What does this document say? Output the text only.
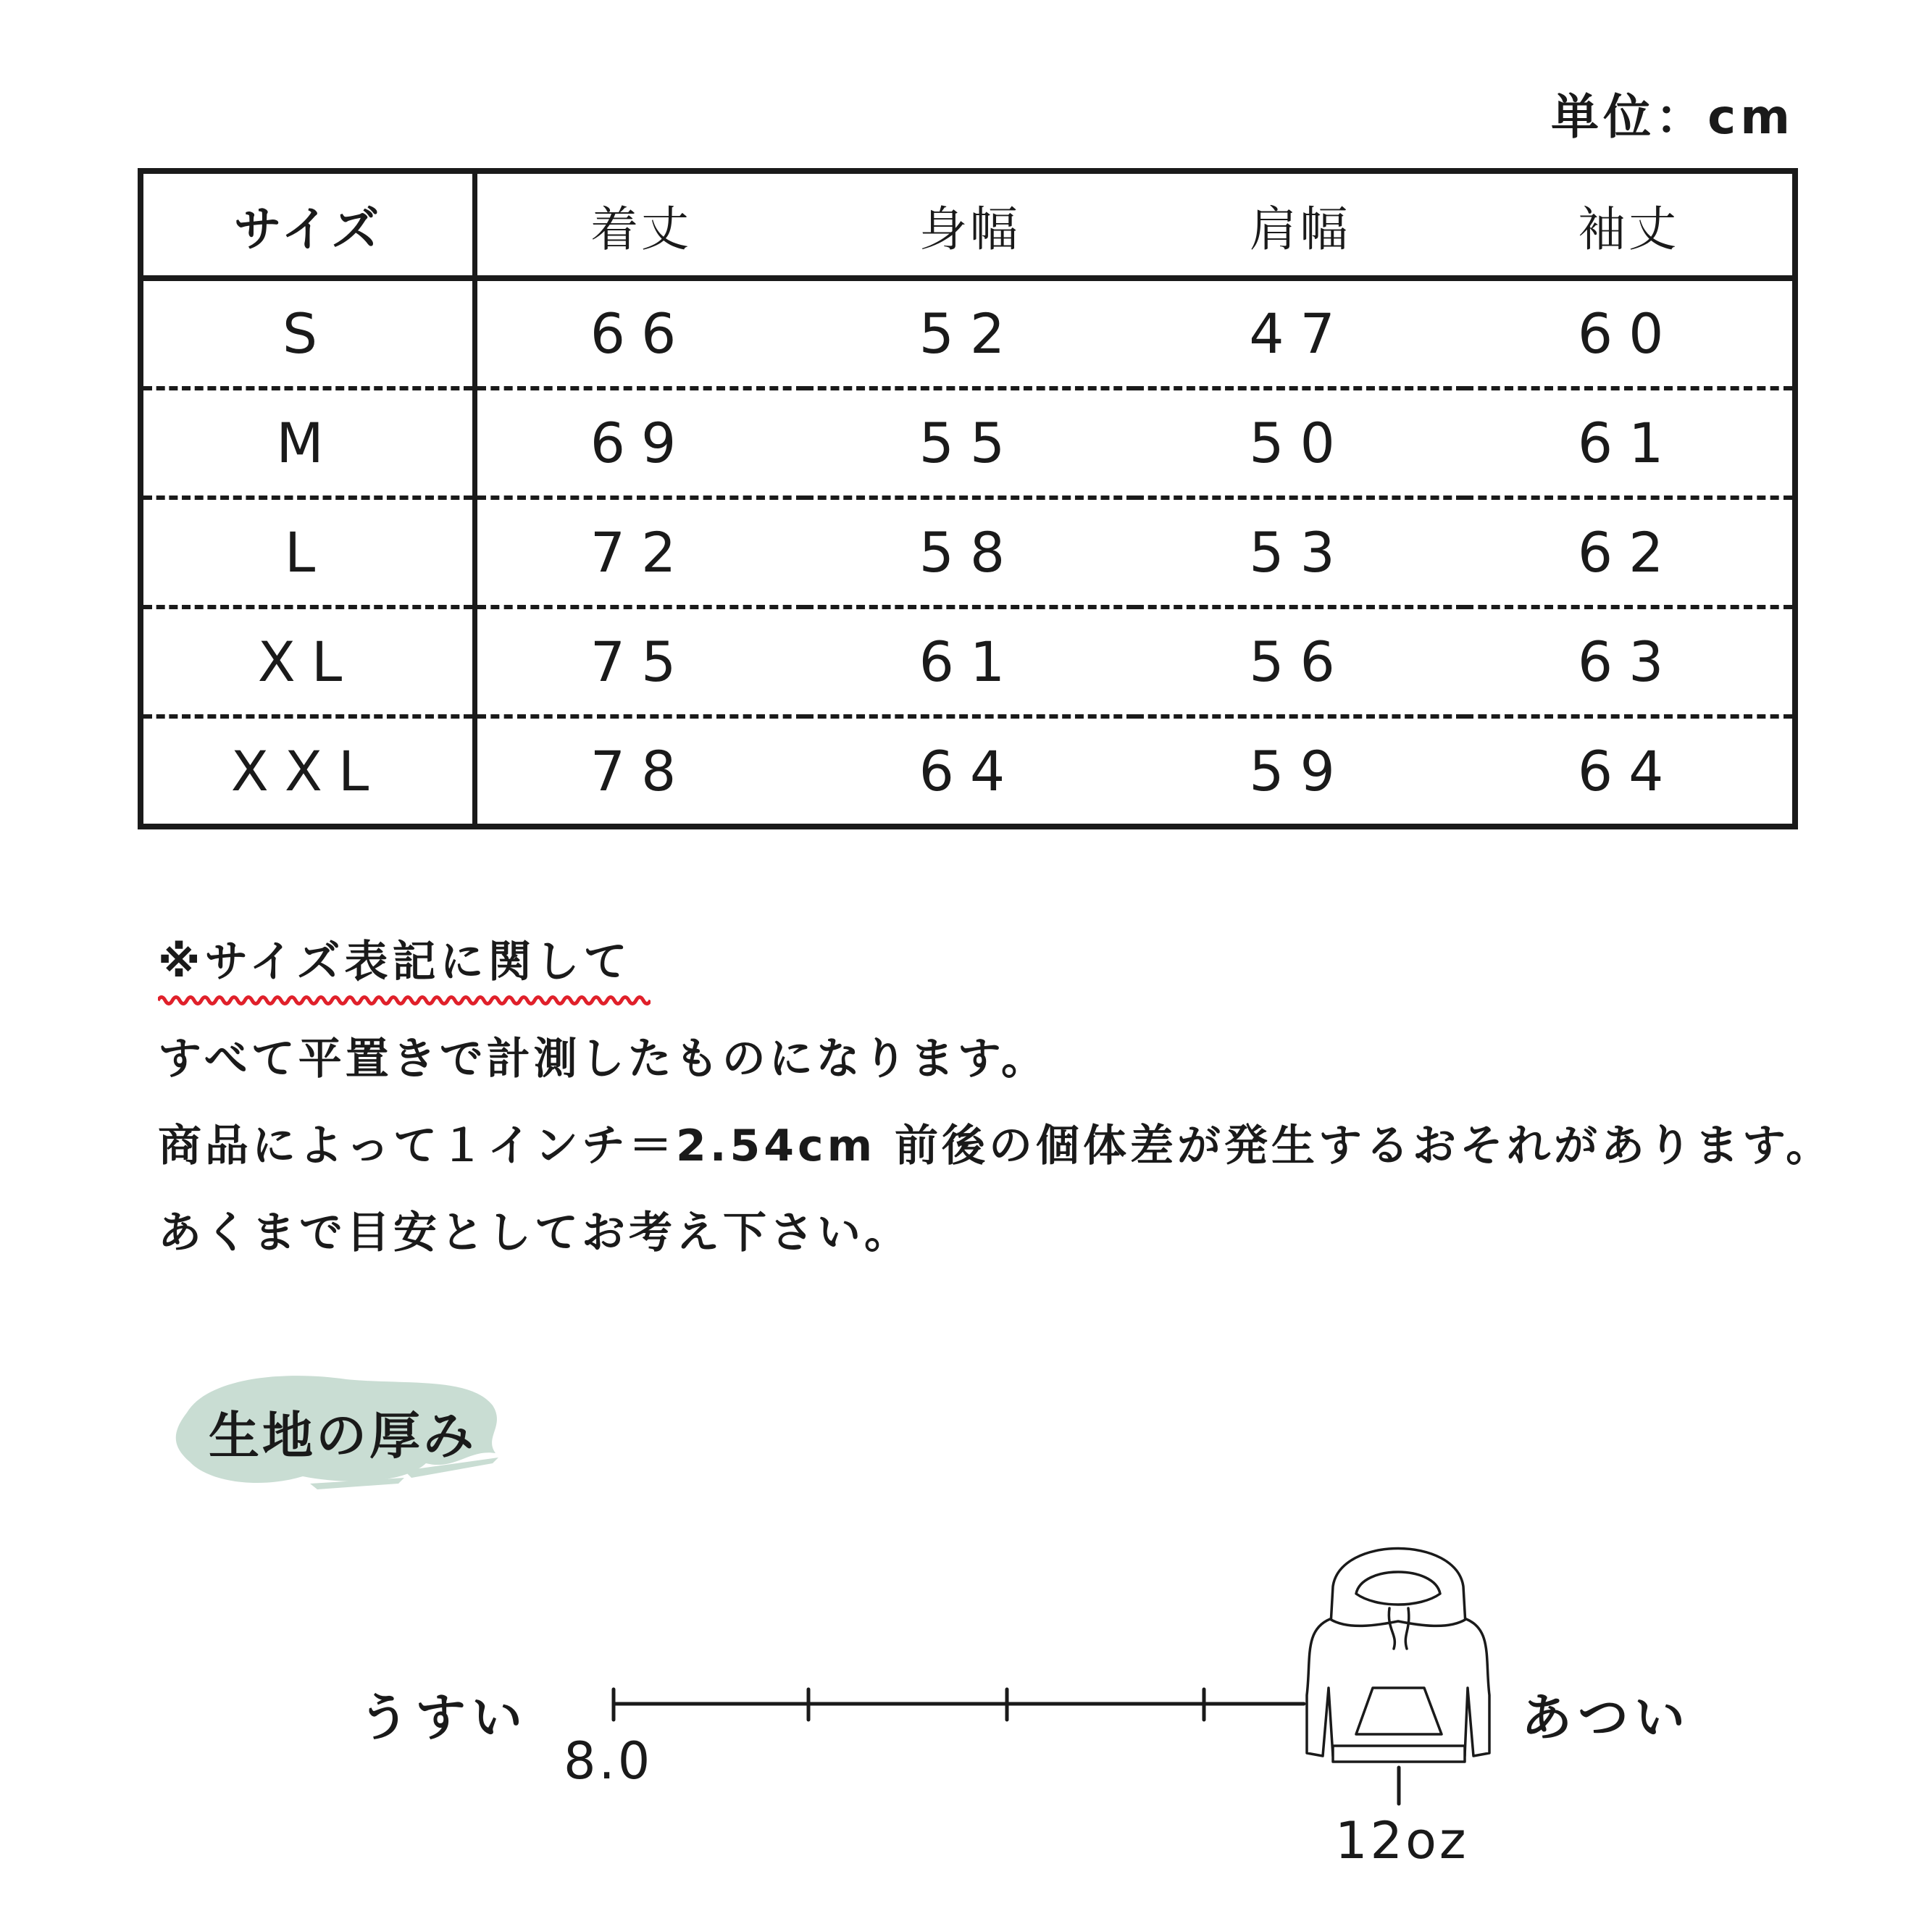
単位：cm
サイズ	着丈	身幅	肩幅	袖丈
S	66	52	47	60
M	69	55	50	61
L	72	58	53	62
XL	75	61	56	63
XXL	78	64	59	64
※サイズ表記に関して
すべて平置きで計測したものになります。
商品によって１インチ＝2.54cm 前後の個体差が発生するおそれがあります。
あくまで目安としてお考え下さい。
生地の厚み
うすい	あつい
8.0
12oz
